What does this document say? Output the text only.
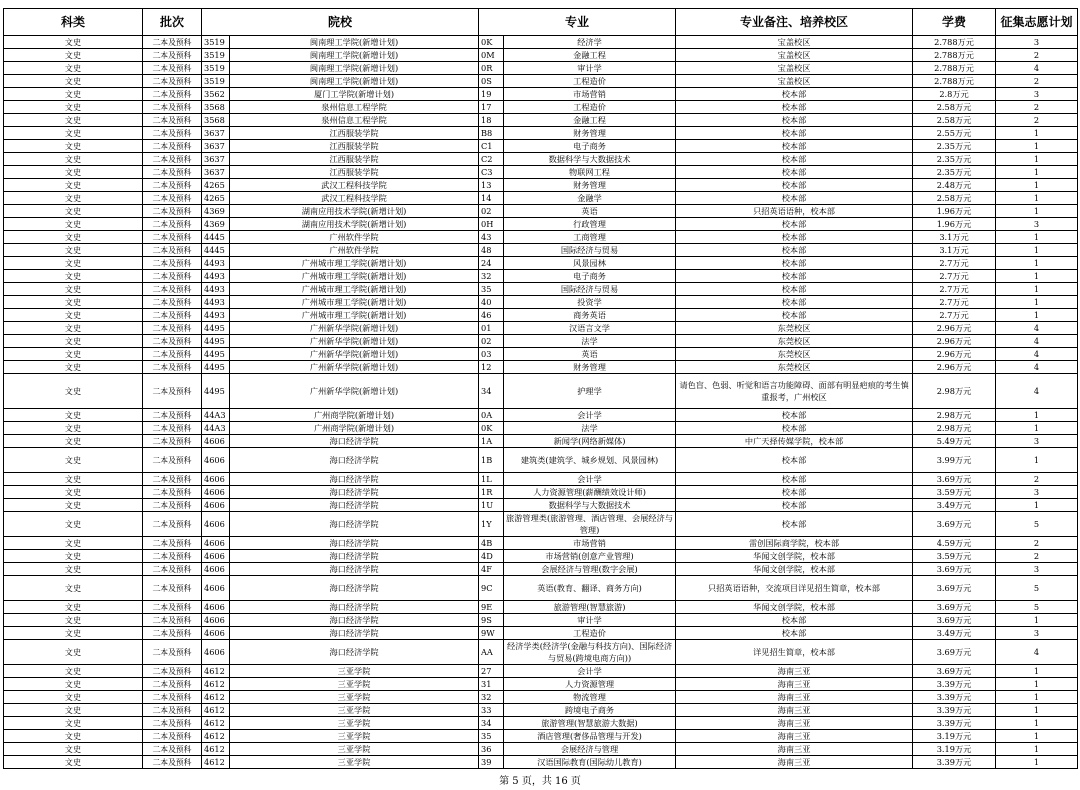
科类	批次	院校		专业		专业备注、培养校区	学费	征集志愿计划
文史	二本及预科	3519	闽南理工学院(新增计划)	0K	经济学	宝盖校区	2.788万元	3
文史	二本及预科	3519	闽南理工学院(新增计划)	0M	金融工程	宝盖校区	2.788万元	2
文史	二本及预科	3519	闽南理工学院(新增计划)	0R	审计学	宝盖校区	2.788万元	4
文史	二本及预科	3519	闽南理工学院(新增计划)	0S	工程造价	宝盖校区	2.788万元	2
文史	二本及预科	3562	厦门工学院(新增计划)	19	市场营销	校本部	2.8万元	3
文史	二本及预科	3568	泉州信息工程学院	17	工程造价	校本部	2.58万元	2
文史	二本及预科	3568	泉州信息工程学院	18	金融工程	校本部	2.58万元	2
文史	二本及预科	3637	江西服装学院	B8	财务管理	校本部	2.55万元	1
文史	二本及预科	3637	江西服装学院	C1	电子商务	校本部	2.35万元	1
文史	二本及预科	3637	江西服装学院	C2	数据科学与大数据技术	校本部	2.35万元	1
文史	二本及预科	3637	江西服装学院	C3	物联网工程	校本部	2.35万元	1
文史	二本及预科	4265	武汉工程科技学院	13	财务管理	校本部	2.48万元	1
文史	二本及预科	4265	武汉工程科技学院	14	金融学	校本部	2.58万元	1
文史	二本及预科	4369	湖南应用技术学院(新增计划)	02	英语	只招英语语种，校本部	1.96万元	1
文史	二本及预科	4369	湖南应用技术学院(新增计划)	0H	行政管理	校本部	1.96万元	3
文史	二本及预科	4445	广州软件学院	43	工商管理	校本部	3.1万元	1
文史	二本及预科	4445	广州软件学院	48	国际经济与贸易	校本部	3.1万元	1
文史	二本及预科	4493	广州城市理工学院(新增计划)	24	风景园林	校本部	2.7万元	1
文史	二本及预科	4493	广州城市理工学院(新增计划)	32	电子商务	校本部	2.7万元	1
文史	二本及预科	4493	广州城市理工学院(新增计划)	35	国际经济与贸易	校本部	2.7万元	1
文史	二本及预科	4493	广州城市理工学院(新增计划)	40	投资学	校本部	2.7万元	1
文史	二本及预科	4493	广州城市理工学院(新增计划)	46	商务英语	校本部	2.7万元	1
文史	二本及预科	4495	广州新华学院(新增计划)	01	汉语言文学	东莞校区	2.96万元	4
文史	二本及预科	4495	广州新华学院(新增计划)	02	法学	东莞校区	2.96万元	4
文史	二本及预科	4495	广州新华学院(新增计划)	03	英语	东莞校区	2.96万元	4
文史	二本及预科	4495	广州新华学院(新增计划)	12	财务管理	东莞校区	2.96万元	4
文史	二本及预科	4495	广州新华学院(新增计划)	34	护理学	请色盲、色弱、听觉和语言功能障碍、面部有明显疤痕的考生慎重报考，广州校区	2.98万元	4
文史	二本及预科	44A3	广州商学院(新增计划)	0A	会计学	校本部	2.98万元	1
文史	二本及预科	44A3	广州商学院(新增计划)	0K	法学	校本部	2.98万元	1
文史	二本及预科	4606	海口经济学院	1A	新闻学(网络新媒体)	中广天择传媒学院，校本部	5.49万元	3
文史	二本及预科	4606	海口经济学院	1B	建筑类(建筑学、城乡规划、风景园林)	校本部	3.99万元	1
文史	二本及预科	4606	海口经济学院	1L	会计学	校本部	3.69万元	2
文史	二本及预科	4606	海口经济学院	1R	人力资源管理(薪酬绩效设计师)	校本部	3.59万元	3
文史	二本及预科	4606	海口经济学院	1U	数据科学与大数据技术	校本部	3.49万元	1
文史	二本及预科	4606	海口经济学院	1Y	旅游管理类(旅游管理、酒店管理、会展经济与管理)	校本部	3.69万元	5
文史	二本及预科	4606	海口经济学院	4B	市场营销	雷创国际商学院，校本部	4.59万元	2
文史	二本及预科	4606	海口经济学院	4D	市场营销(创意产业管理)	华闻文创学院，校本部	3.59万元	2
文史	二本及预科	4606	海口经济学院	4F	会展经济与管理(数字会展)	华闻文创学院，校本部	3.69万元	3
文史	二本及预科	4606	海口经济学院	9C	英语(教育、翻译、商务方向)	只招英语语种，交流项目详见招生简章，校本部	3.69万元	5
文史	二本及预科	4606	海口经济学院	9E	旅游管理(智慧旅游)	华闻文创学院，校本部	3.69万元	5
文史	二本及预科	4606	海口经济学院	9S	审计学	校本部	3.69万元	1
文史	二本及预科	4606	海口经济学院	9W	工程造价	校本部	3.49万元	3
文史	二本及预科	4606	海口经济学院	AA	经济学类(经济学(金融与科技方向)、国际经济与贸易(跨境电商方向))	详见招生简章，校本部	3.69万元	4
文史	二本及预科	4612	三亚学院	27	会计学	海南三亚	3.69万元	1
文史	二本及预科	4612	三亚学院	31	人力资源管理	海南三亚	3.39万元	1
文史	二本及预科	4612	三亚学院	32	物流管理	海南三亚	3.39万元	1
文史	二本及预科	4612	三亚学院	33	跨境电子商务	海南三亚	3.39万元	1
文史	二本及预科	4612	三亚学院	34	旅游管理(智慧旅游大数据)	海南三亚	3.39万元	1
文史	二本及预科	4612	三亚学院	35	酒店管理(奢侈品管理与开发)	海南三亚	3.19万元	1
文史	二本及预科	4612	三亚学院	36	会展经济与管理	海南三亚	3.19万元	1
文史	二本及预科	4612	三亚学院	39	汉语国际教育(国际幼儿教育)	海南三亚	3.39万元	1
第 5 页，共 16 页
